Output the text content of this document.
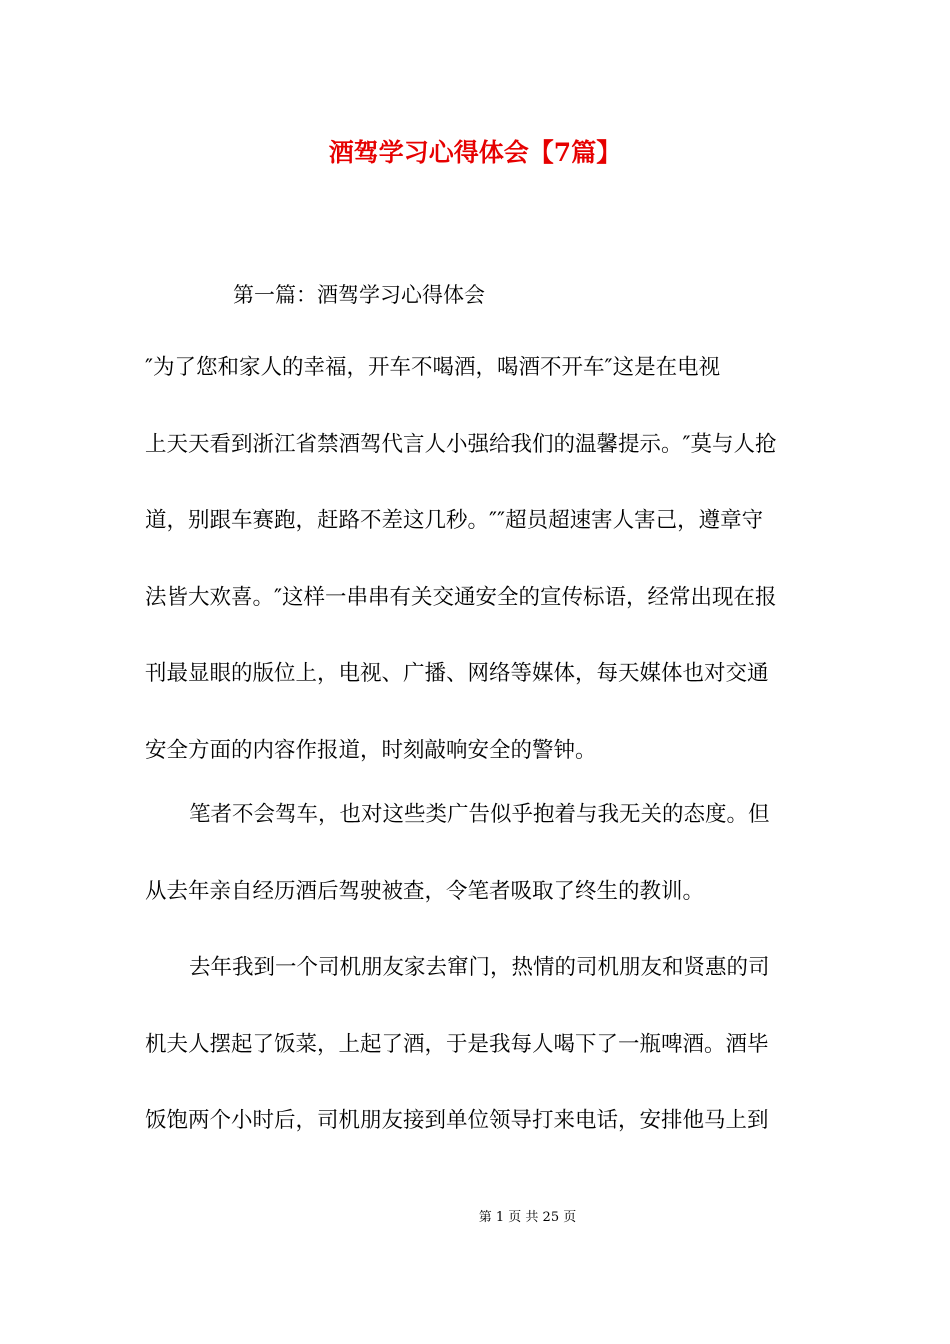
酒驾学习心得体会【7篇】
第一篇：酒驾学习心得体会
″为了您和家人的幸福，开车不喝酒，喝酒不开车″这是在电视
上天天看到浙江省禁酒驾代言人小强给我们的温馨提示。″莫与人抢
道，别跟车赛跑，赶路不差这几秒。″″超员超速害人害己，遵章守
法皆大欢喜。″这样一串串有关交通安全的宣传标语，经常出现在报
刊最显眼的版位上，电视、广播、网络等媒体，每天媒体也对交通
安全方面的内容作报道，时刻敲响安全的警钟。
笔者不会驾车，也对这些类广告似乎抱着与我无关的态度。但
从去年亲自经历酒后驾驶被查，令笔者吸取了终生的教训。
去年我到一个司机朋友家去窜门，热情的司机朋友和贤惠的司
机夫人摆起了饭菜，上起了酒，于是我每人喝下了一瓶啤酒。酒毕
饭饱两个小时后，司机朋友接到单位领导打来电话，安排他马上到
第 1 页 共 25 页
